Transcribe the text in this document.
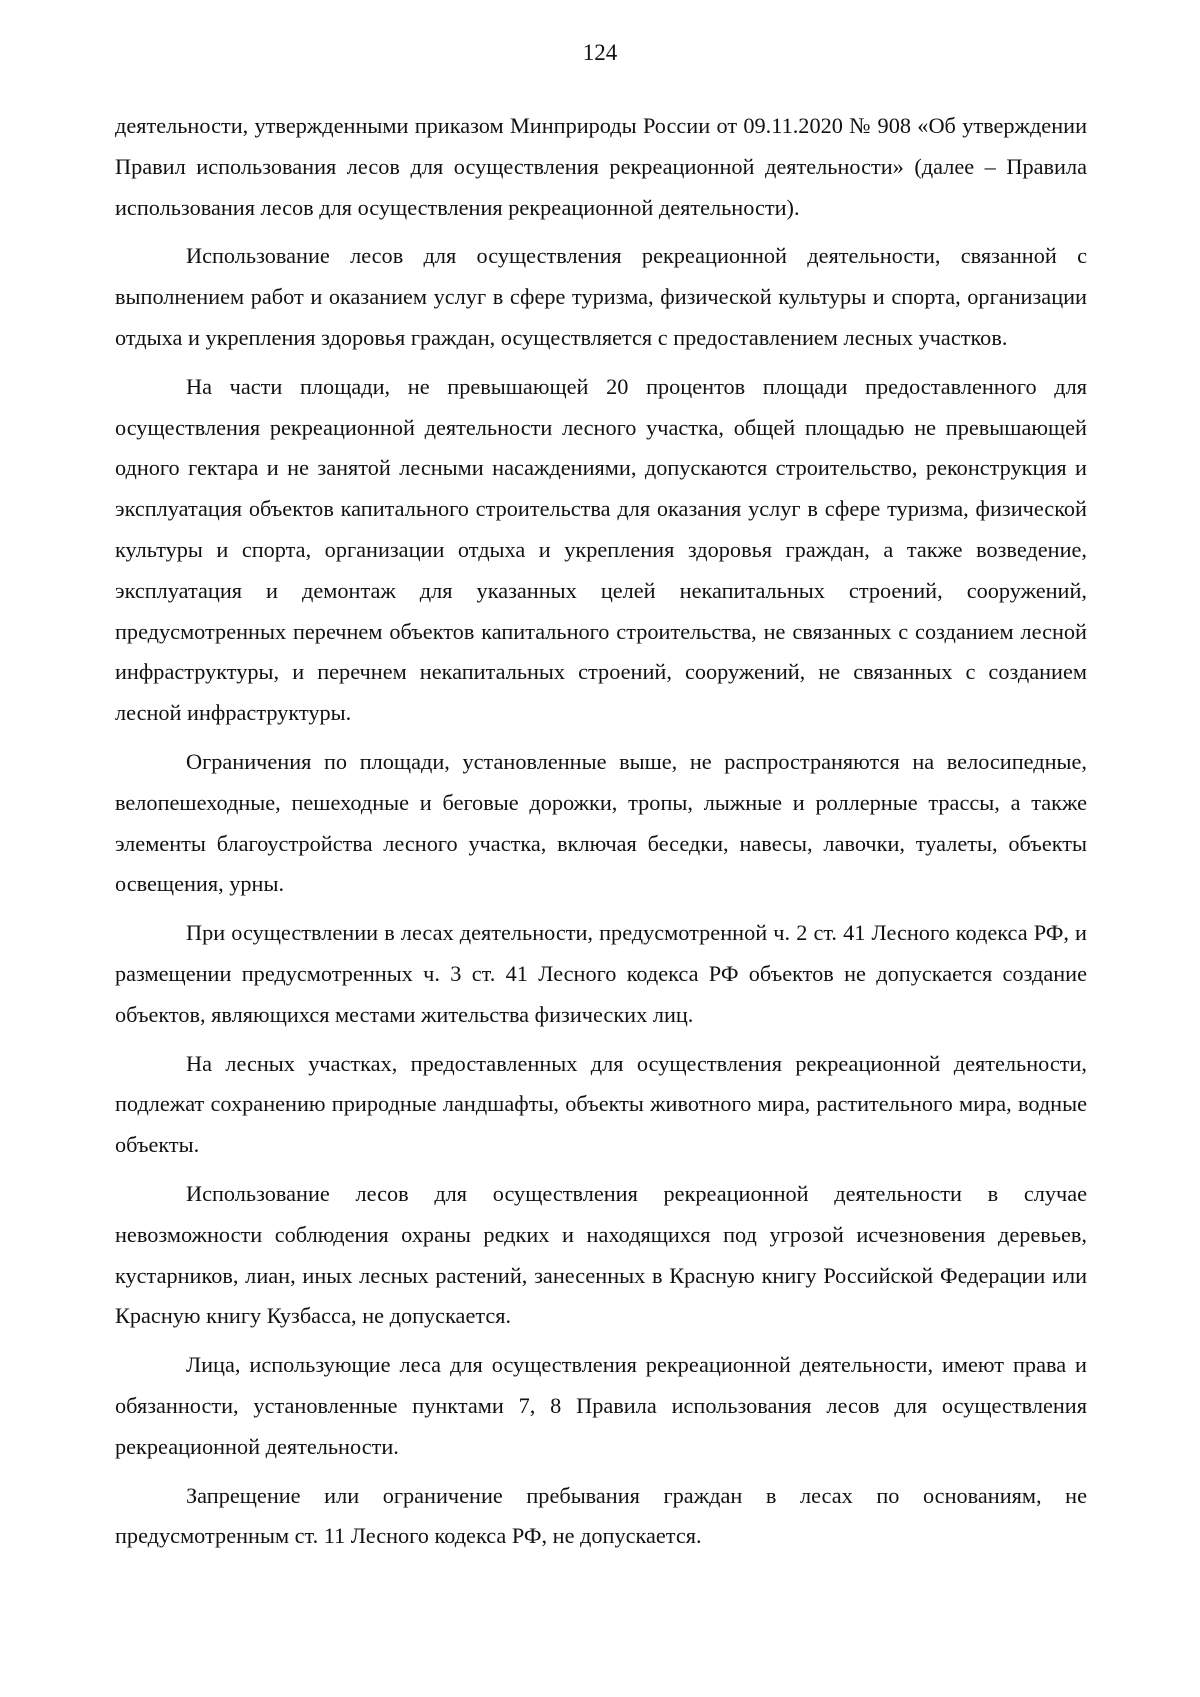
124

деятельности, утвержденными приказом Минприроды России от 09.11.2020 № 908 «Об утверждении Правил использования лесов для осуществления рекреационной деятельности» (далее – Правила использования лесов для осуществления рекреационной деятельности).

Использование лесов для осуществления рекреационной деятельности, связанной с выполнением работ и оказанием услуг в сфере туризма, физической культуры и спорта, организации отдыха и укрепления здоровья граждан, осуществляется с предоставлением лесных участков.

На части площади, не превышающей 20 процентов площади предоставленного для осуществления рекреационной деятельности лесного участка, общей площадью не превышающей одного гектара и не занятой лесными насаждениями, допускаются строительство, реконструкция и эксплуатация объектов капитального строительства для оказания услуг в сфере туризма, физической культуры и спорта, организации отдыха и укрепления здоровья граждан, а также возведение, эксплуатация и демонтаж для указанных целей некапитальных строений, сооружений, предусмотренных перечнем объектов капитального строительства, не связанных с созданием лесной инфраструктуры, и перечнем некапитальных строений, сооружений, не связанных с созданием лесной инфраструктуры.

Ограничения по площади, установленные выше, не распространяются на велосипедные, велопешеходные, пешеходные и беговые дорожки, тропы, лыжные и роллерные трассы, а также элементы благоустройства лесного участка, включая беседки, навесы, лавочки, туалеты, объекты освещения, урны.

При осуществлении в лесах деятельности, предусмотренной ч. 2 ст. 41 Лесного кодекса РФ, и размещении предусмотренных ч. 3 ст. 41 Лесного кодекса РФ объектов не допускается создание объектов, являющихся местами жительства физических лиц.

На лесных участках, предоставленных для осуществления рекреационной деятельности, подлежат сохранению природные ландшафты, объекты животного мира, растительного мира, водные объекты.

Использование лесов для осуществления рекреационной деятельности в случае невозможности соблюдения охраны редких и находящихся под угрозой исчезновения деревьев, кустарников, лиан, иных лесных растений, занесенных в Красную книгу Российской Федерации или Красную книгу Кузбасса, не допускается.

Лица, использующие леса для осуществления рекреационной деятельности, имеют права и обязанности, установленные пунктами 7, 8 Правила использования лесов для осуществления рекреационной деятельности.

Запрещение или ограничение пребывания граждан в лесах по основаниям, не предусмотренным ст. 11 Лесного кодекса РФ, не допускается.
